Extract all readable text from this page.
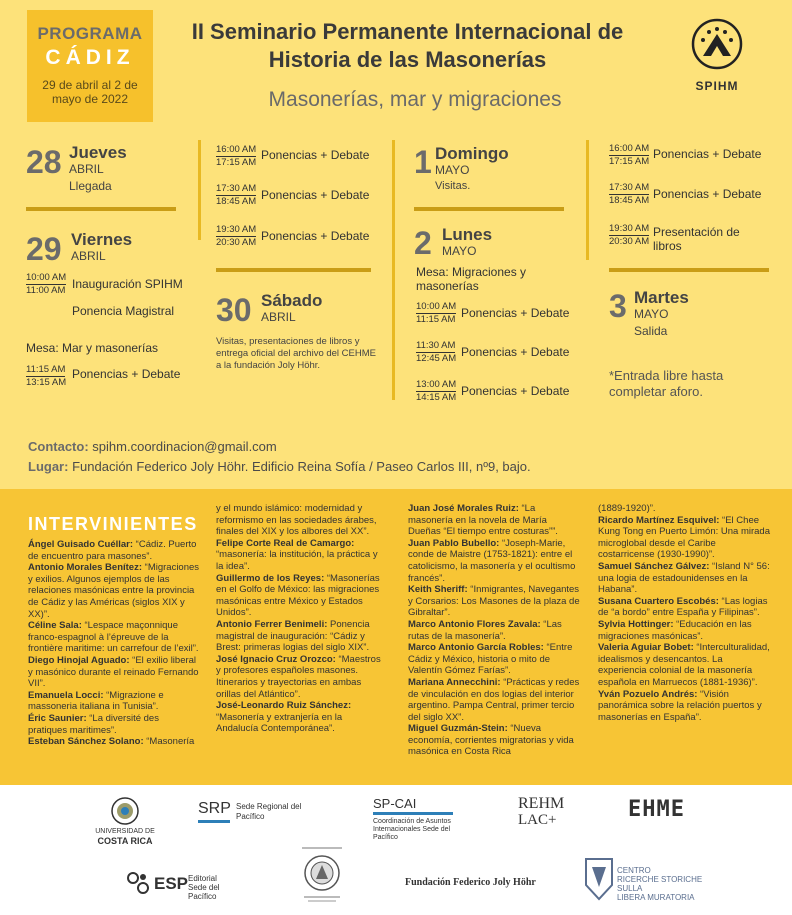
PROGRAMA
CÁDIZ
29 de abril al 2 de mayo de 2022
II Seminario Permanente Internacional de Historia de las Masonerías
Masonerías, mar y migraciones
SPIHM
28 Jueves
ABRIL
Llegada
29 Viernes
ABRIL
10:00 AM
11:00 AM Inauguración SPIHM
Ponencia Magistral
Mesa: Mar y masonerías
11:15 AM
13:15 AM
Ponencias + Debate
16:00 AM
17:15 AM
Ponencias + Debate
17:30 AM
18:45 AM Ponencias + Debate
19:30 AM
20:30 AM Ponencias + Debate
30 Sábado
ABRIL
Visitas, presentaciones de libros y entrega oficial del archivo del CEHME a la fundación Joly Höhr.
1 Domingo
MAYO
Visitas.
2 Lunes
MAYO
Mesa: Migraciones y masonerías
10:00 AM
11:15 AM Ponencias + Debate
11:30 AM
12:45 AM Ponencias + Debate
13:00 AM
14:15 AM Ponencias + Debate
16:00 AM
17:15 AM
Ponencias + Debate
17:30 AM
18:45 AM Ponencias + Debate
19:30 AM
20:30 AM
Presentación de libros
3 Martes
MAYO
Salida
*Entrada libre hasta completar aforo.
Contacto: spihm.coordinacion@gmail.com
Lugar: Fundación Federico Joly Höhr. Edificio Reina Sofía / Paseo Carlos III, nº9, bajo.
INTERVINIENTES
Ángel Guisado Cuéllar: “Cádiz. Puerto de encuentro para masones”.
Antonio Morales Benítez: “Migraciones y exilios. Algunos ejemplos de las relaciones masónicas entre la provincia de Cádiz y las Américas (siglos XIX y XX)”.
Céline Sala: “Lespace maçonnique franco-espagnol à l’épreuve de la frontière maritime: un carrefour de l’exil”.
Diego Hinojal Aguado: “El exilio liberal y masónico durante el reinado Fernando VII”.
Emanuela Locci: “Migrazione e massoneria italiana in Tunisia”.
Éric Saunier: “La diversité des pratiques maritimes”.
Esteban Sánchez Solano: “Masonería
y el mundo islámico: modernidad y reformismo en las sociedades árabes, finales del XIX y los albores del XX”.
Felipe Corte Real de Camargo: “masonería: la institución, la práctica y la idea”.
Guillermo de los Reyes: “Masonerías en el Golfo de México: las migraciones masónicas entre México y Estados Unidos”.
Antonio Ferrer Benimeli: Ponencia magistral de inauguración: “Cádiz y Brest: primeras logias del siglo XIX”.
José Ignacio Cruz Orozco: “Maestros y profesores españoles masones. Itinerarios y trayectorias en ambas orillas del Atlántico”.
José-Leonardo Ruiz Sánchez: “Masonería y extranjería en la Andalucía Contemporánea”.
Juan José Morales Ruiz: “La masonería en la novela de María Dueñas “El tiempo entre costuras””.
Juan Pablo Bubello: “Joseph-Marie, conde de Maistre (1753-1821): entre el catolicismo, la masonería y el ocultismo francés”.
Keith Sheriff: “Inmigrantes, Navegantes y Corsarios: Los Masones de la plaza de Gibraltar”.
Marco Antonio Flores Zavala: “Las rutas de la masonería”.
Marco Antonio García Robles: “Entre Cádiz y México, historia o mito de Valentín Gómez Farías”.
Mariana Annecchini: “Prácticas y redes de vinculación en dos logias del interior argentino. Pampa Central, primer tercio del siglo XX”.
Miguel Guzmán-Stein: “Nueva economía, corrientes migratorias y vida masónica en Costa Rica
(1889-1920)”.
Ricardo Martínez Esquivel: “El Chee Kung Tong en Puerto Limón: Una mirada microglobal desde el Caribe costarricense (1930-1990)”.
Samuel Sánchez Gálvez: “Island N° 56: una logia de estadounidenses en la Habana”.
Susana Cuartero Escobés: “Las logias de “a bordo” entre España y Filipinas”.
Sylvia Hottinger: “Educación en las migraciones masónicas”.
Valeria Aguiar Bobet: “Interculturalidad, idealismos y desencantos. La experiencia colonial de la masonería española en Marruecos (1881-1936)”.
Yván Pozuelo Andrés: “Visión panorámica sobre la relación puertos y masonerías en España”.
UNIVERSIDAD DE
COSTA RICA
SRP Sede Regional del Pacífico
SP-CAI
Coordinación de Asuntos Internacionales Sede del Pacífico
REHM
LAC+	EHME
ESP Editorial Sede del Pacífico
Fundación Federico Joly Höhr
CENTRO
RICERCHE STORICHE
SULLA
LIBERA MURATORIA
